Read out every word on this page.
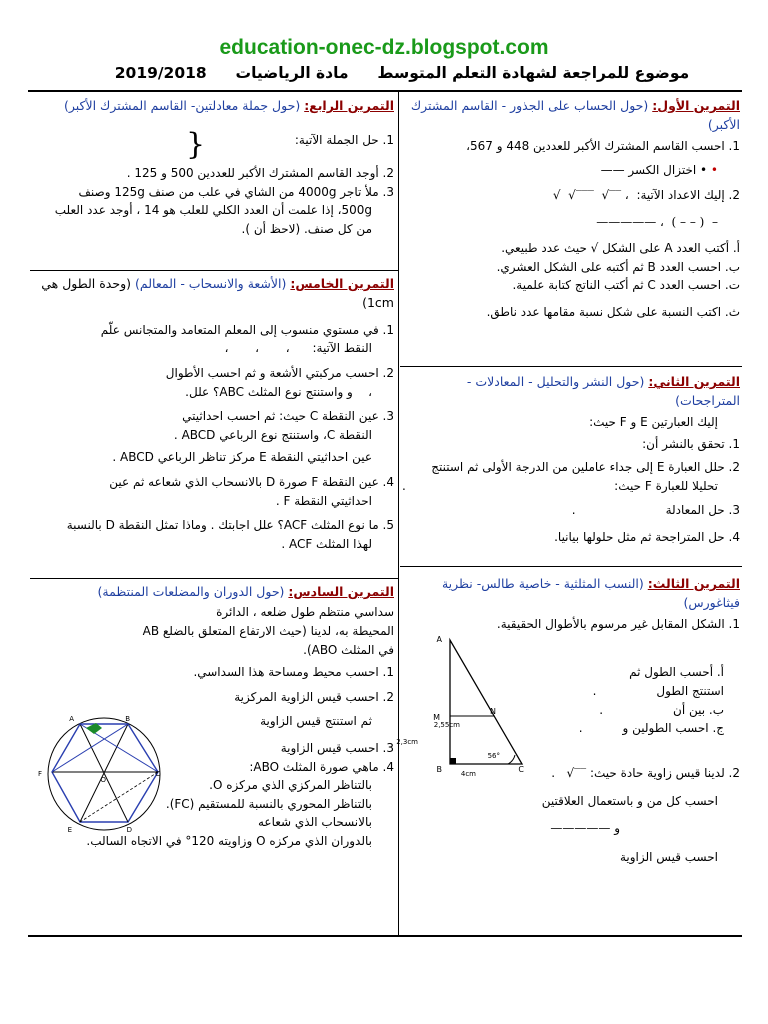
education-onec-dz.blogspot.com
موضوع للمراجعة لشهادة التعلم المتوسط  مادة الرياضيات  2019/2018
التمرين الأول: (حول الحساب على الجذور - القاسم المشترك الأكبر)

1. احسب القاسم المشترك الأكبر للعددين 448 و 567،

• • اختزال الكسر ——

2. إليك الاعداد الآتية:  √  √‾‾‾  √‾‾ ،

————— ،  ( – – )  –

أ. أكتب العدد A على الشكل √ حيث عدد طبيعي.

ب. احسب العدد B ثم أكتبه على الشكل العشري.

ت. احسب العدد C ثم أكتب الناتج كتابة علمية.

ث. اكتب النسبة على شكل نسبة مقامها عدد ناطق.

التمرين الثاني: (حول النشر والتحليل - المعادلات - المتراجحات)

إليك العبارتين E و F حيث:

1. تحقق بالنشر أن:

2. حلل العبارة E إلى جداء عاملين من الدرجة الأولى ثم استنتج

تحليلا للعبارة F حيث:
.

3. حل المعادلة.

4. حل المتراجحة ثم مثل حلولها بيانيا.

التمرين الثالث: (النسب المثلثية - خاصية طالس- نظرية فيثاغورس)

1. الشكل المقابل غير مرسوم بالأطوال الحقيقية.

أ. أحسب الطول ثم

استنتج الطول.

ب. بين أن.

ج. احسب الطولين و.

2. لدينا قيس زاوية حادة حيث: √‾‾   .

احسب كل من و باستعمال العلاقتين

و —————

احسب قيس الزاوية

A
M
N
B	C
2,55cm
2,3cm
4cm
56°
التمرين الرابع: (حول جملة معادلتين- القاسم المشترك الأكبر)

1. حل الجملة الآتية:

{

2. أوجد القاسم المشترك الأكبر للعددين 500 و 125 .

3. ملأ تاجر 4000g من الشاي في علب من صنف 125g وصنف

500g، إذا علمت أن العدد الكلي للعلب هو 14 ، أوجد عدد العلب

من كل صنف. (لاحظ أن ).

التمرين الخامس: (الأشعة والانسحاب - المعالم) (وحدة الطول هي 1cm)

1. في مستوي منسوب إلى المعلم المتعامد والمتجانس علّم

النقط الآتية:      ،       ،       ،

2. احسب مركبتي الأشعة و ثم احسب الأطوال

،    و واستنتج نوع المثلث ABC؟ علل.

3. عين النقطة C حيث: ثم احسب احداثيتي

النقطة C، واستنتج نوع الرباعي ABCD .

عين احداثيتي النقطة E مركز تناظر الرباعي ABCD .

4. عين النقطة F صورة D بالانسحاب الذي شعاعه ثم عين

احداثيتي النقطة F .

5. ما نوع المثلث ACF؟ علل اجابتك . وماذا تمثل النقطة D بالنسبة

لهذا المثلث ACF .

التمرين السادس: (حول الدوران والمضلعات المنتظمة)

سداسي منتظم طول ضلعه ، الدائرة

المحيطة به، لدينا (حيث الارتفاع المتعلق بالضلع AB

في المثلث ABO).

1. احسب محيط ومساحة هذا السداسي.

2. احسب قيس الزاوية المركزية

ثم استنتج قيس الزاوية

3. احسب قيس الزاوية

4. ماهي صورة المثلث ABO:

بالتناظر المركزي الذي مركزه O.

بالتناظر المحوري بالنسبة للمستقيم (FC).

بالانسحاب الذي شعاعه

بالدوران الذي مركزه O وزاويته 120° في الاتجاه السالب.

A	B
C
D
E
F
O
